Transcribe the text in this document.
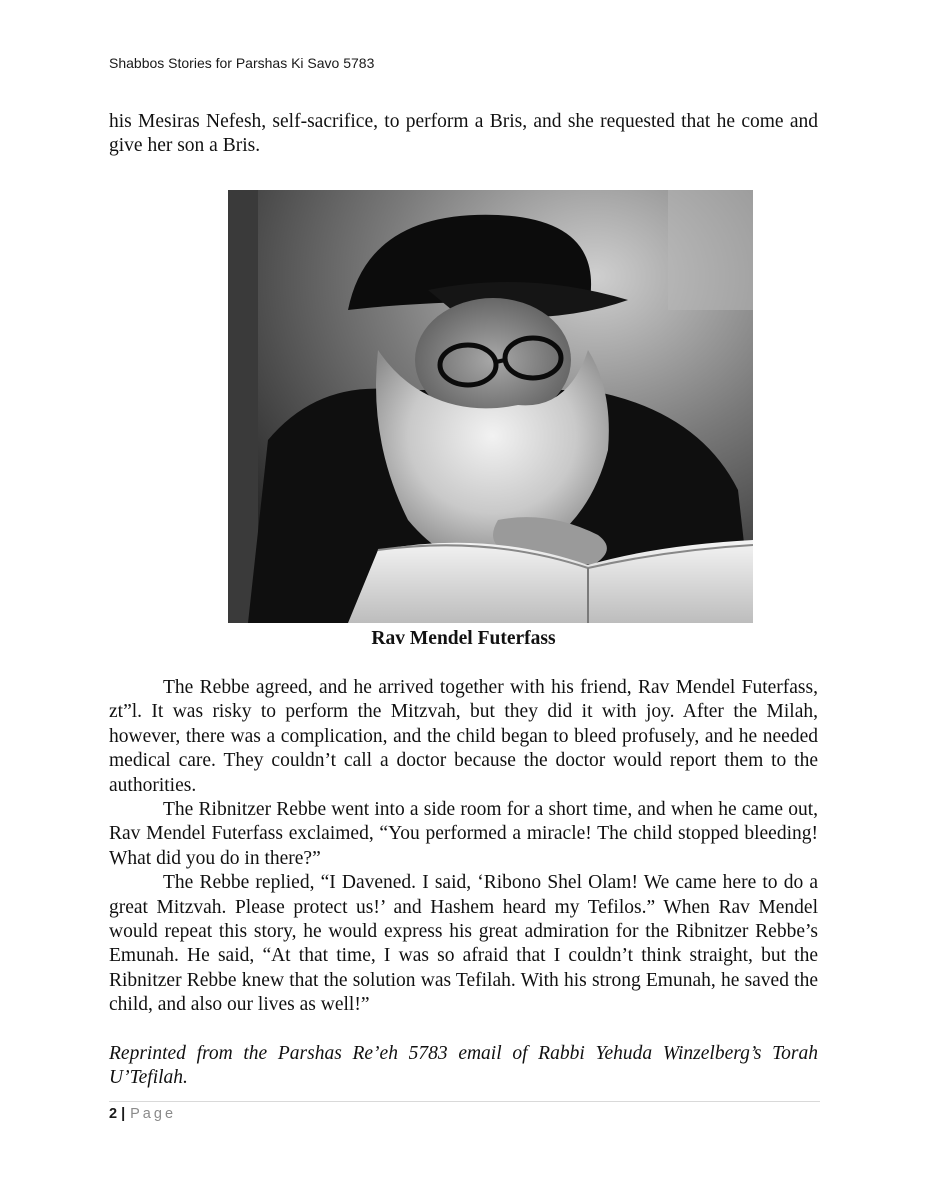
Shabbos Stories for Parshas Ki Savo 5783

his Mesiras Nefesh, self-sacrifice, to perform a Bris, and she requested that he come and give her son a Bris.

Rav Mendel Futerfass

The Rebbe agreed, and he arrived together with his friend, Rav Mendel Futerfass, zt”l. It was risky to perform the Mitzvah, but they did it with joy. After the Milah, however, there was a complication, and the child began to bleed profusely, and he needed medical care. They couldn’t call a doctor because the doctor would report them to the authorities.

The Ribnitzer Rebbe went into a side room for a short time, and when he came out, Rav Mendel Futerfass exclaimed, “You performed a miracle! The child stopped bleeding! What did you do in there?”

The Rebbe replied, “I Davened. I said, ‘Ribono Shel Olam! We came here to do a great Mitzvah. Please protect us!’ and Hashem heard my Tefilos.” When Rav Mendel would repeat this story, he would express his great admiration for the Ribnitzer Rebbe’s Emunah. He said, “At that time, I was so afraid that I couldn’t think straight, but the Ribnitzer Rebbe knew that the solution was Tefilah. With his strong Emunah, he saved the child, and also our lives as well!”

Reprinted from the Parshas Re’eh 5783 email of Rabbi Yehuda Winzelberg’s Torah U’Tefilah.
2 | Page
